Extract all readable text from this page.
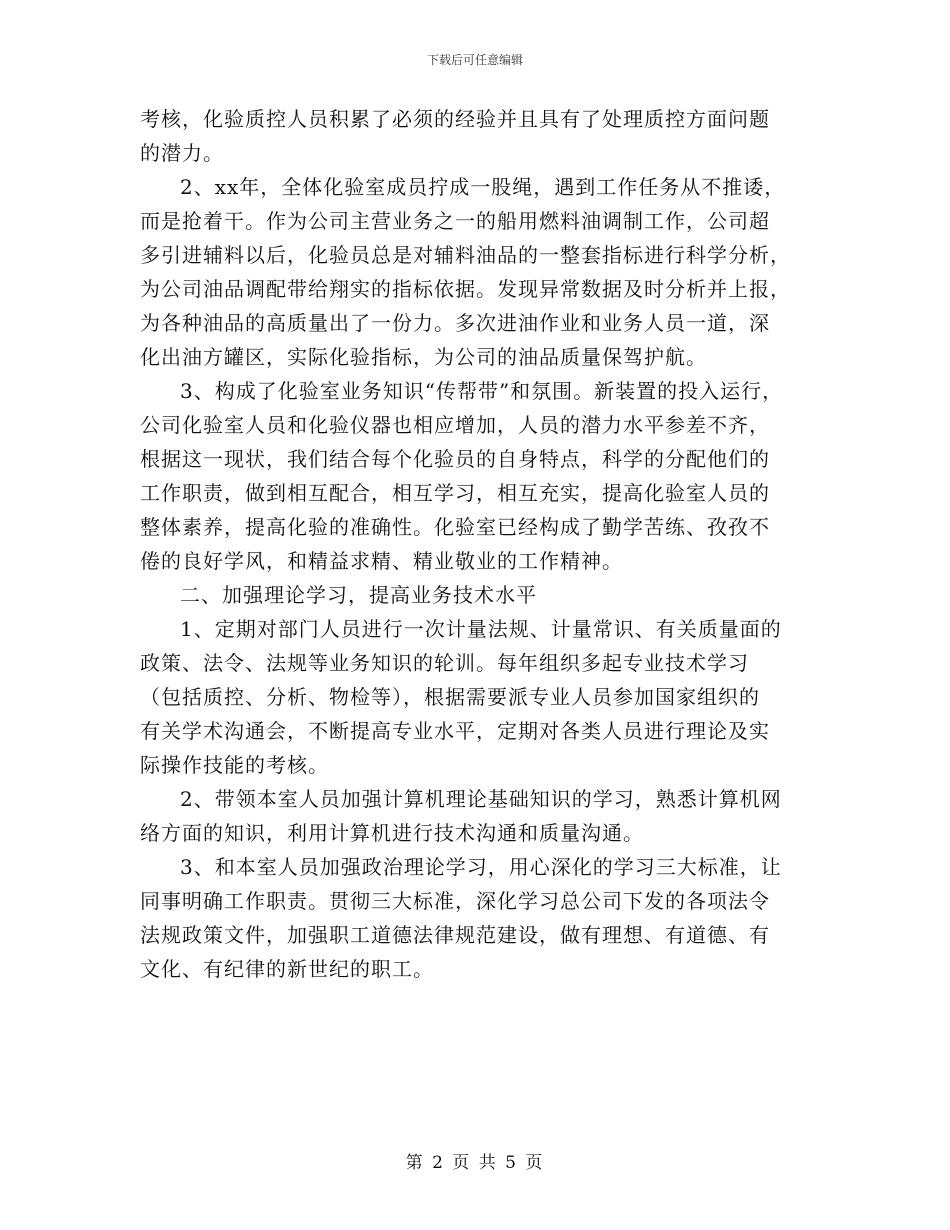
下载后可任意编辑
考核，化验质控人员积累了必须的经验并且具有了处理质控方面问题
的潜力。
2、xx年，全体化验室成员拧成一股绳，遇到工作任务从不推诿，
而是抢着干。作为公司主营业务之一的船用燃料油调制工作，公司超
多引进辅料以后，化验员总是对辅料油品的一整套指标进行科学分析，
为公司油品调配带给翔实的指标依据。发现异常数据及时分析并上报，
为各种油品的高质量出了一份力。多次进油作业和业务人员一道，深
化出油方罐区，实际化验指标，为公司的油品质量保驾护航。
3、构成了化验室业务知识“传帮带”和氛围。新装置的投入运行，
公司化验室人员和化验仪器也相应增加，人员的潜力水平参差不齐，
根据这一现状，我们结合每个化验员的自身特点，科学的分配他们的
工作职责，做到相互配合，相互学习，相互充实，提高化验室人员的
整体素养，提高化验的准确性。化验室已经构成了勤学苦练、孜孜不
倦的良好学风，和精益求精、精业敬业的工作精神。
二、加强理论学习，提高业务技术水平
1、定期对部门人员进行一次计量法规、计量常识、有关质量面的
政策、法令、法规等业务知识的轮训。每年组织多起专业技术学习
（包括质控、分析、物检等），根据需要派专业人员参加国家组织的
有关学术沟通会，不断提高专业水平，定期对各类人员进行理论及实
际操作技能的考核。
2、带领本室人员加强计算机理论基础知识的学习，熟悉计算机网
络方面的知识，利用计算机进行技术沟通和质量沟通。
3、和本室人员加强政治理论学习，用心深化的学习三大标准，让
同事明确工作职责。贯彻三大标准，深化学习总公司下发的各项法令
法规政策文件，加强职工道德法律规范建设，做有理想、有道德、有
文化、有纪律的新世纪的职工。
第 2 页 共 5 页
